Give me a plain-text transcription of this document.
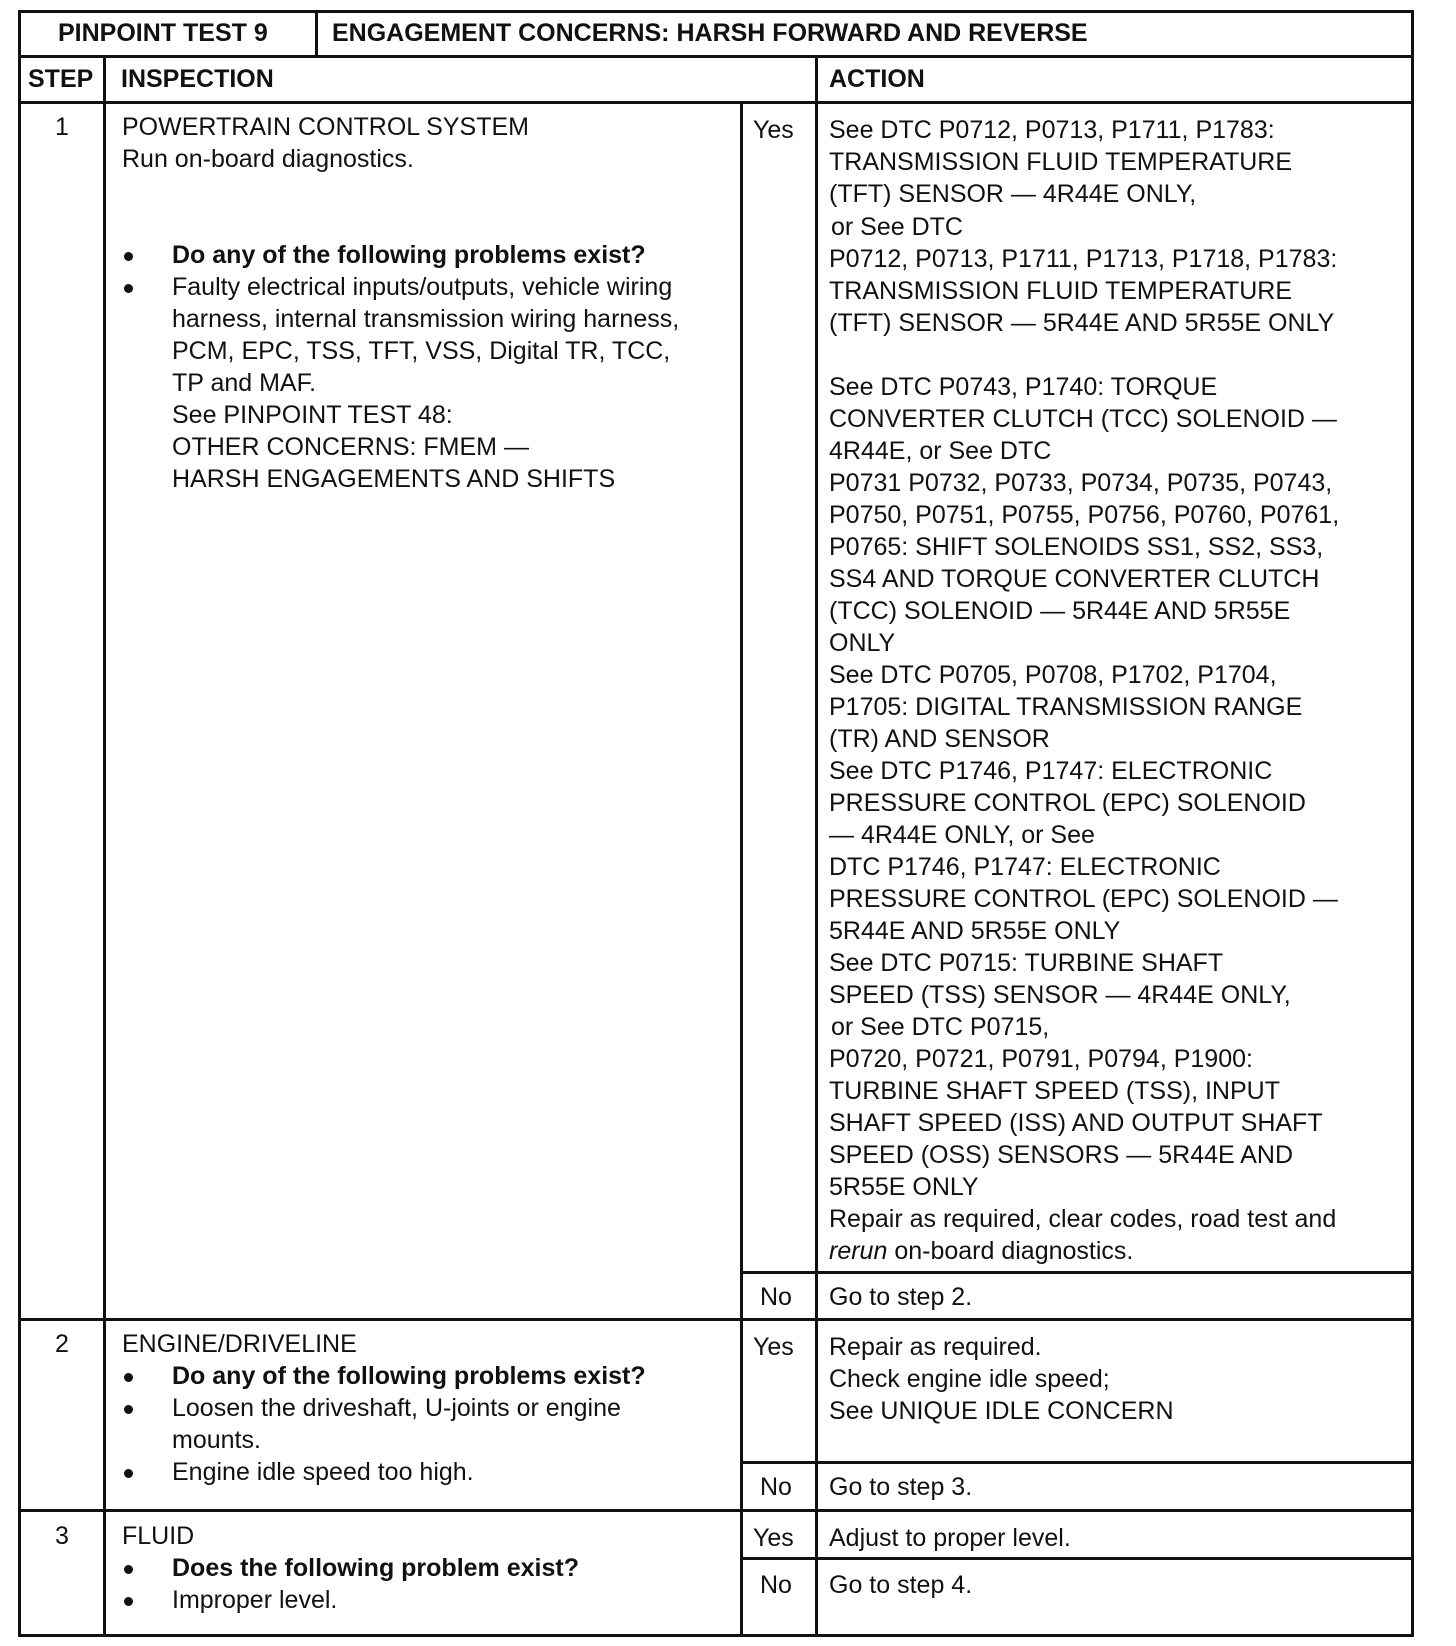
PINPOINT TEST 9	ENGAGEMENT CONCERNS: HARSH FORWARD AND REVERSE
STEP INSPECTION	ACTION
1 POWERTRAIN CONTROL SYSTEM
Run on-board diagnostics.
Do any of the following problems exist?
Faulty electrical inputs/outputs, vehicle wiring
harness, internal transmission wiring harness,
PCM, EPC, TSS, TFT, VSS, Digital TR, TCC,
TP and MAF.
See PINPOINT TEST 48:
OTHER CONCERNS: FMEM —
HARSH ENGAGEMENTS AND SHIFTS
Yes See DTC P0712, P0713, P1711, P1783:
TRANSMISSION FLUID TEMPERATURE
(TFT) SENSOR — 4R44E ONLY,
or See DTC
P0712, P0713, P1711, P1713, P1718, P1783:
TRANSMISSION FLUID TEMPERATURE
(TFT) SENSOR — 5R44E AND 5R55E ONLY
See DTC P0743, P1740: TORQUE
CONVERTER CLUTCH (TCC) SOLENOID —
4R44E, or See DTC
P0731 P0732, P0733, P0734, P0735, P0743,
P0750, P0751, P0755, P0756, P0760, P0761,
P0765: SHIFT SOLENOIDS SS1, SS2, SS3,
SS4 AND TORQUE CONVERTER CLUTCH
(TCC) SOLENOID — 5R44E AND 5R55E
ONLY
See DTC P0705, P0708, P1702, P1704,
P1705: DIGITAL TRANSMISSION RANGE
(TR) AND SENSOR
See DTC P1746, P1747: ELECTRONIC
PRESSURE CONTROL (EPC) SOLENOID
— 4R44E ONLY, or See
DTC P1746, P1747: ELECTRONIC
PRESSURE CONTROL (EPC) SOLENOID —
5R44E AND 5R55E ONLY
See DTC P0715: TURBINE SHAFT
SPEED (TSS) SENSOR — 4R44E ONLY,
or See DTC P0715,
P0720, P0721, P0791, P0794, P1900:
TURBINE SHAFT SPEED (TSS), INPUT
SHAFT SPEED (ISS) AND OUTPUT SHAFT
SPEED (OSS) SENSORS — 5R44E AND
5R55E ONLY
Repair as required, clear codes, road test and
rerun on-board diagnostics.
No Go to step 2.
2 ENGINE/DRIVELINE
Do any of the following problems exist?
Loosen the driveshaft, U-joints or engine
mounts.
Engine idle speed too high.
Yes Repair as required.
Check engine idle speed;
See UNIQUE IDLE CONCERN
No Go to step 3.
3 FLUID
Does the following problem exist?
Improper level.
Yes Adjust to proper level.
No Go to step 4.
